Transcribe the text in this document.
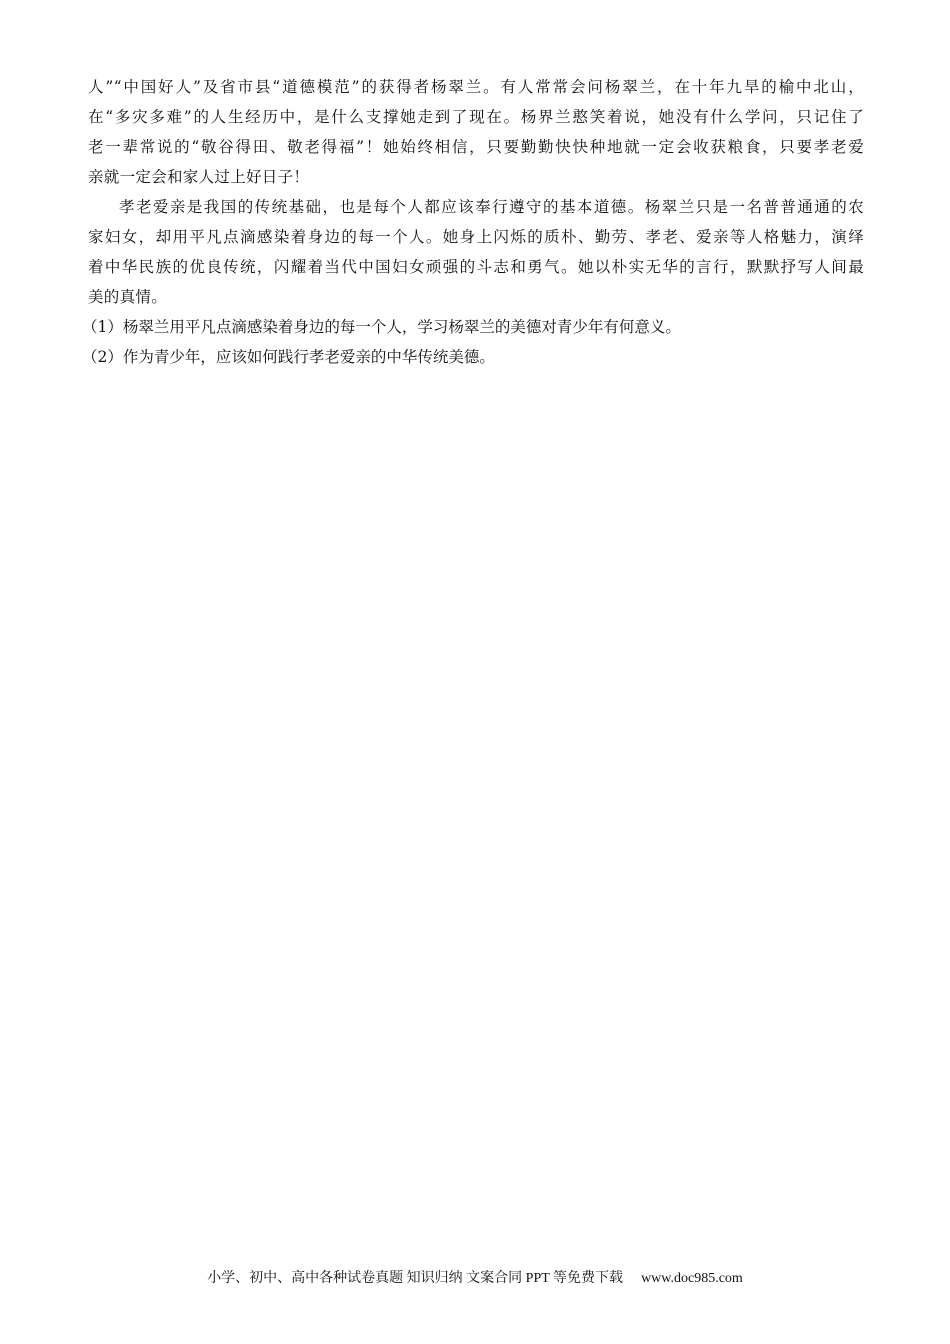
人”“中国好人”及省市县“道德模范”的获得者杨翠兰。有人常常会问杨翠兰，在十年九旱的榆中北山，
在“多灾多难”的人生经历中，是什么支撑她走到了现在。杨界兰憨笑着说，她没有什么学问，只记住了
老一辈常说的“敬谷得田、敬老得福”！她始终相信，只要勤勤快快种地就一定会收获粮食，只要孝老爱
亲就一定会和家人过上好日子！
孝老爱亲是我国的传统基础，也是每个人都应该奉行遵守的基本道德。杨翠兰只是一名普普通通的农
家妇女，却用平凡点滴感染着身边的每一个人。她身上闪烁的质朴、勤劳、孝老、爱亲等人格魅力，演绎
着中华民族的优良传统，闪耀着当代中国妇女顽强的斗志和勇气。她以朴实无华的言行，默默抒写人间最
美的真情。
（1）杨翠兰用平凡点滴感染着身边的每一个人，学习杨翠兰的美德对青少年有何意义。
（2）作为青少年，应该如何践行孝老爱亲的中华传统美德。
小学、初中、高中各种试卷真题 知识归纳 文案合同 PPT 等免费下载 www.doc985.com
